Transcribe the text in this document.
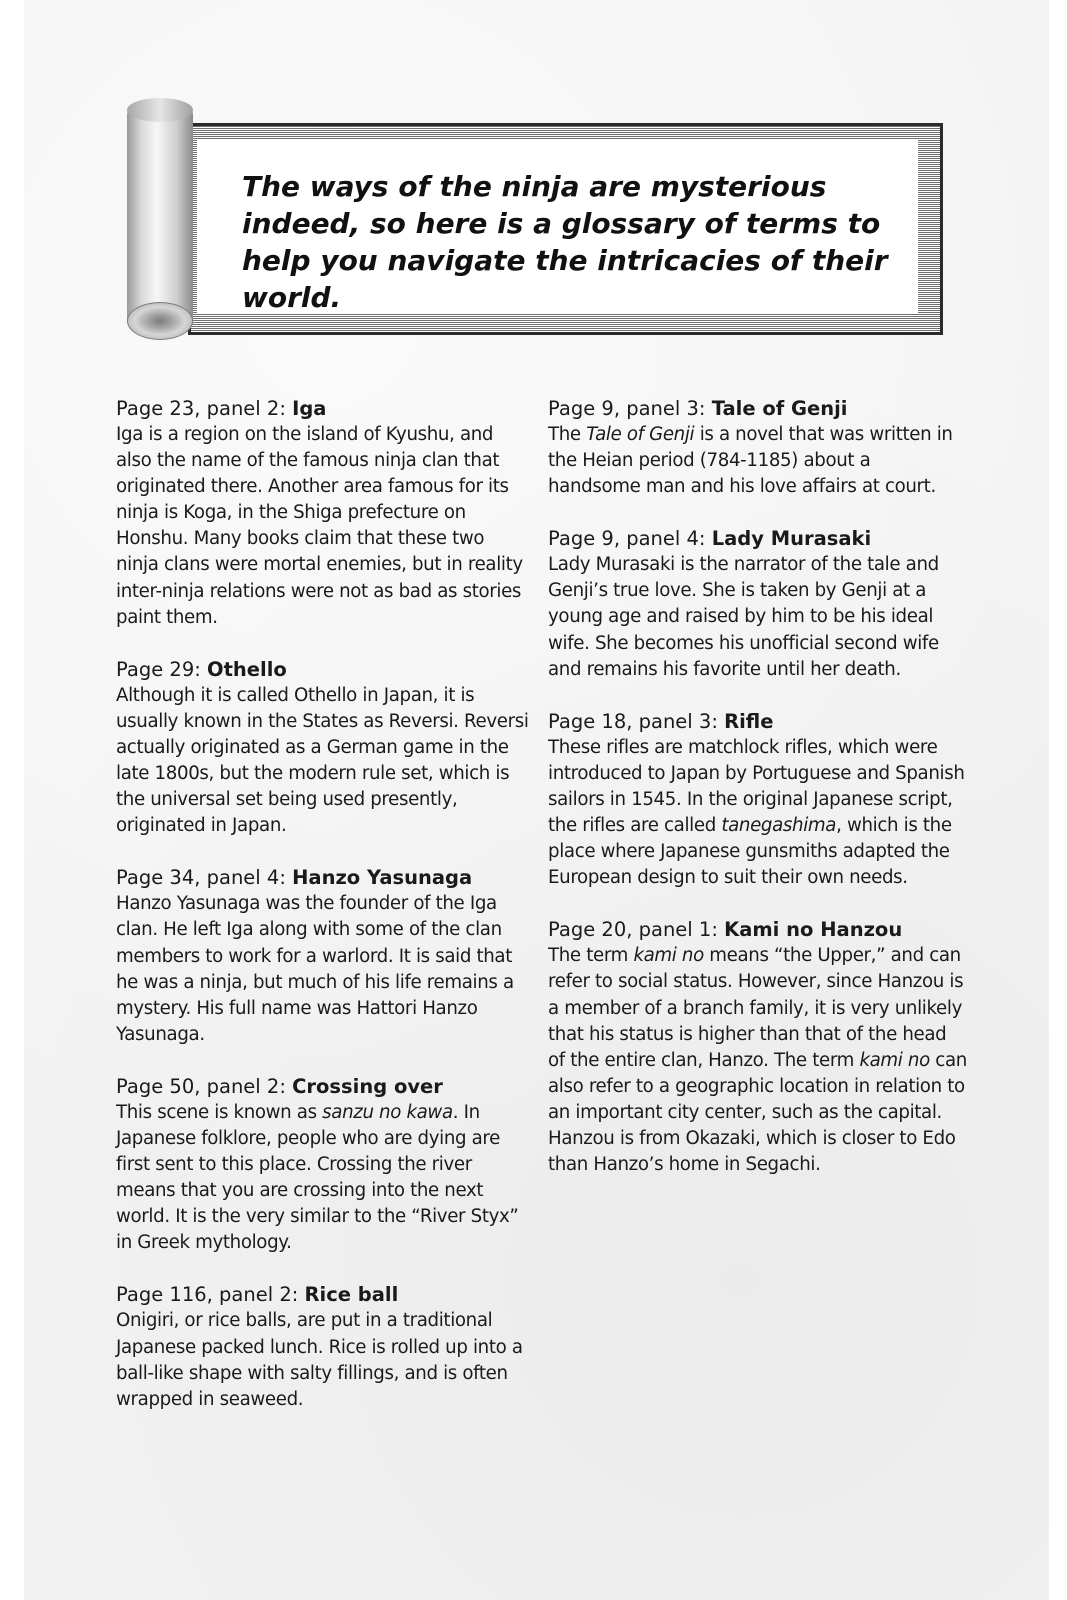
The ways of the ninja are mysterious indeed, so here is a glossary of terms to help you navigate the intricacies of their world.

Page 23, panel 2: Iga

Iga is a region on the island of Kyushu, and also the name of the famous ninja clan that originated there. Another area famous for its ninja is Koga, in the Shiga prefecture on Honshu. Many books claim that these two ninja clans were mortal enemies, but in reality inter-ninja relations were not as bad as stories paint them.

Page 29: Othello

Although it is called Othello in Japan, it is usually known in the States as Reversi. Reversi actually originated as a German game in the late 1800s, but the modern rule set, which is the universal set being used presently, originated in Japan.

Page 34, panel 4: Hanzo Yasunaga

Hanzo Yasunaga was the founder of the Iga clan. He left Iga along with some of the clan members to work for a warlord. It is said that he was a ninja, but much of his life remains a mystery. His full name was Hattori Hanzo Yasunaga.

Page 50, panel 2: Crossing over

This scene is known as sanzu no kawa. In Japanese folklore, people who are dying are first sent to this place. Crossing the river means that you are crossing into the next world. It is the very similar to the “River Styx” in Greek mythology.

Page 116, panel 2: Rice ball

Onigiri, or rice balls, are put in a traditional Japanese packed lunch. Rice is rolled up into a ball-like shape with salty fillings, and is often wrapped in seaweed.

Page 9, panel 3: Tale of Genji

The Tale of Genji is a novel that was written in the Heian period (784-1185) about a handsome man and his love affairs at court.

Page 9, panel 4: Lady Murasaki

Lady Murasaki is the narrator of the tale and Genji’s true love. She is taken by Genji at a young age and raised by him to be his ideal wife. She becomes his unofficial second wife and remains his favorite until her death.

Page 18, panel 3: Rifle

These rifles are matchlock rifles, which were introduced to Japan by Portuguese and Spanish sailors in 1545. In the original Japanese script, the rifles are called tanegashima, which is the place where Japanese gunsmiths adapted the European design to suit their own needs.

Page 20, panel 1: Kami no Hanzou

The term kami no means “the Upper,” and can refer to social status. However, since Hanzou is a member of a branch family, it is very unlikely that his status is higher than that of the head of the entire clan, Hanzo. The term kami no can also refer to a geographic location in relation to an important city center, such as the capital. Hanzou is from Okazaki, which is closer to Edo than Hanzo’s home in Segachi.
